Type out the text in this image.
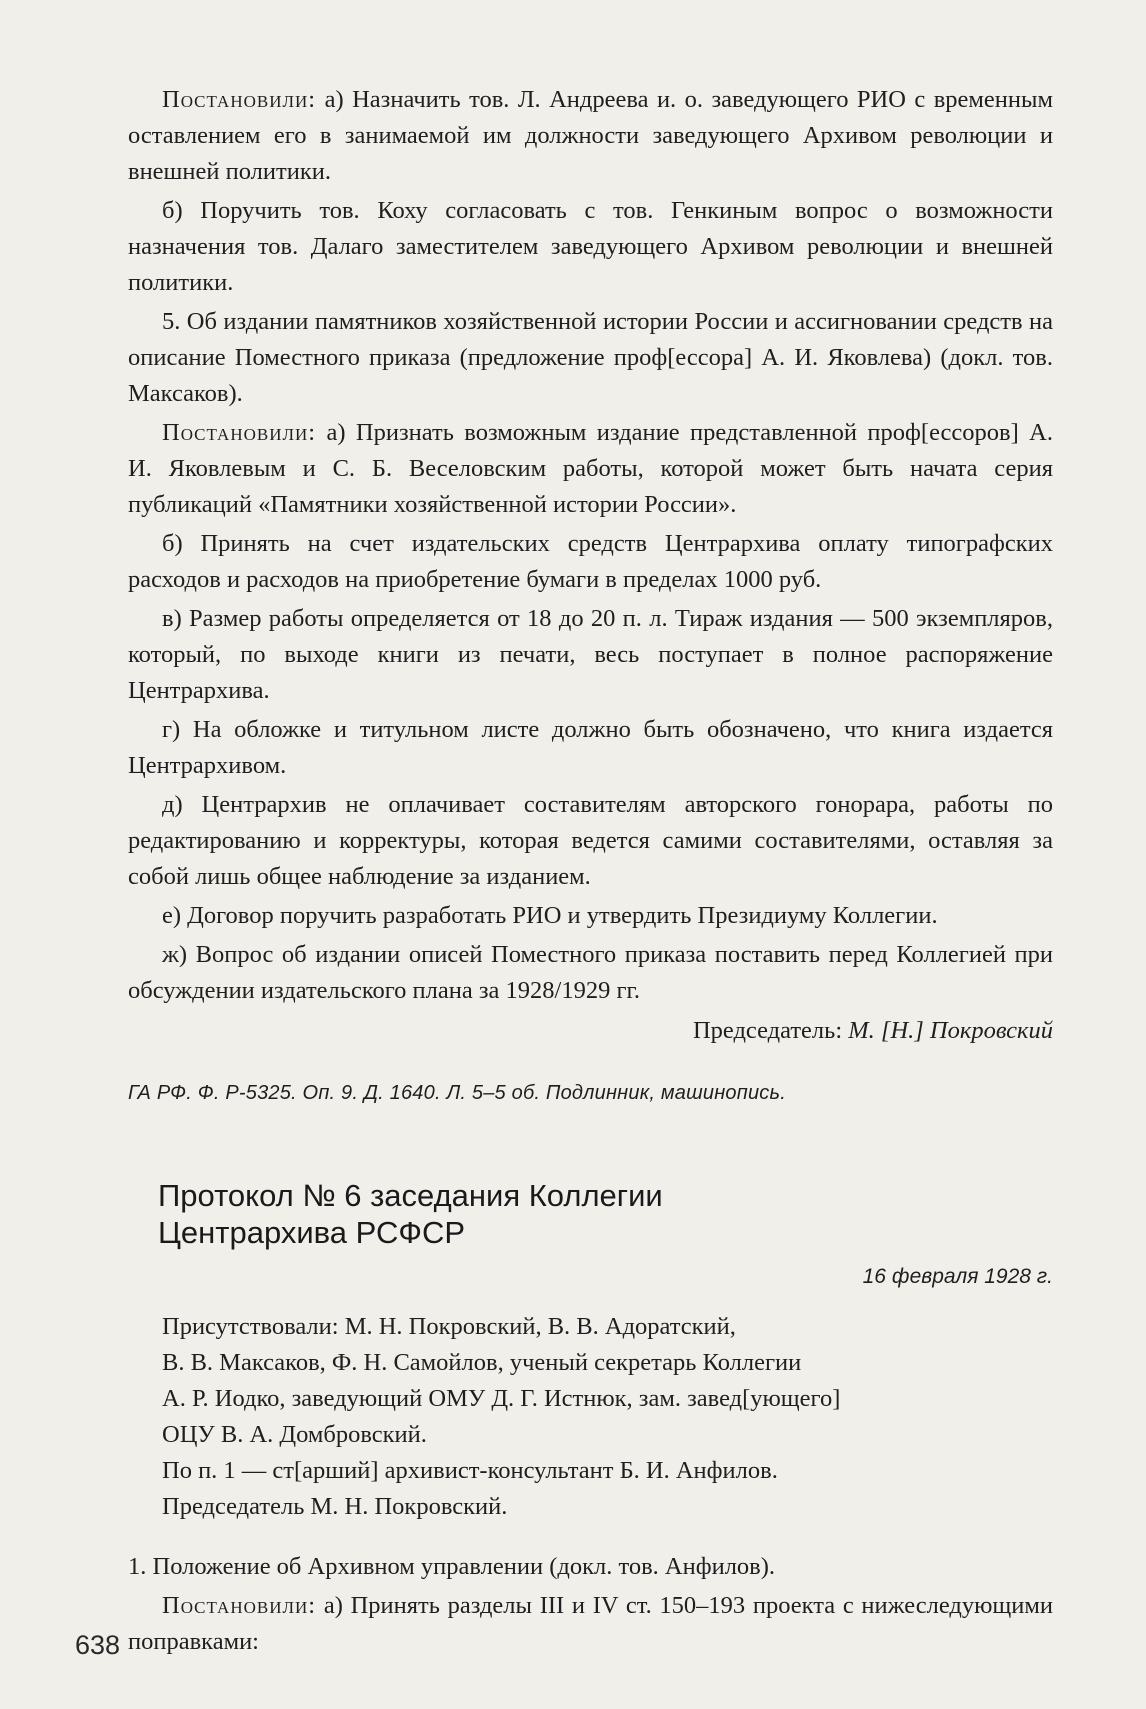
Постановили: а) Назначить тов. Л. Андреева и. о. заведующего РИО с временным оставлением его в занимаемой им должности заведующего Архивом революции и внешней политики.

б) Поручить тов. Коху согласовать с тов. Генкиным вопрос о возможности назначения тов. Далаго заместителем заведующего Архивом революции и внешней политики.

5. Об издании памятников хозяйственной истории России и ассигновании средств на описание Поместного приказа (предложение проф[ессора] А. И. Яковлева) (докл. тов. Максаков).

Постановили: а) Признать возможным издание представленной проф[ессоров] А. И. Яковлевым и С. Б. Веселовским работы, которой может быть начата серия публикаций «Памятники хозяйственной истории России».

б) Принять на счет издательских средств Центрархива оплату типографских расходов и расходов на приобретение бумаги в пределах 1000 руб.

в) Размер работы определяется от 18 до 20 п. л. Тираж издания — 500 экземпляров, который, по выходе книги из печати, весь поступает в полное распоряжение Центрархива.

г) На обложке и титульном листе должно быть обозначено, что книга издается Центрархивом.

д) Центрархив не оплачивает составителям авторского гонорара, работы по редактированию и корректуры, которая ведется самими составителями, оставляя за собой лишь общее наблюдение за изданием.

е) Договор поручить разработать РИО и утвердить Президиуму Коллегии.

ж) Вопрос об издании описей Поместного приказа поставить перед Коллегией при обсуждении издательского плана за 1928/1929 гг.

Председатель: М. [Н.] Покровский
ГА РФ. Ф. Р-5325. Оп. 9. Д. 1640. Л. 5–5 об. Подлинник, машинопись.
Протокол № 6 заседания Коллегии
Центрархива РСФСР
16 февраля 1928 г.
Присутствовали: М. Н. Покровский, В. В. Адоратский,
В. В. Максаков, Ф. Н. Самойлов, ученый секретарь Коллегии
А. Р. Иодко, заведующий ОМУ Д. Г. Истнюк, зам. завед[ующего]
ОЦУ В. А. Домбровский.
По п. 1 — ст[арший] архивист-консультант Б. И. Анфилов.
Председатель М. Н. Покровский.

1. Положение об Архивном управлении (докл. тов. Анфилов).

Постановили: а) Принять разделы III и IV ст. 150–193 проекта с нижеследующими поправками:

638
